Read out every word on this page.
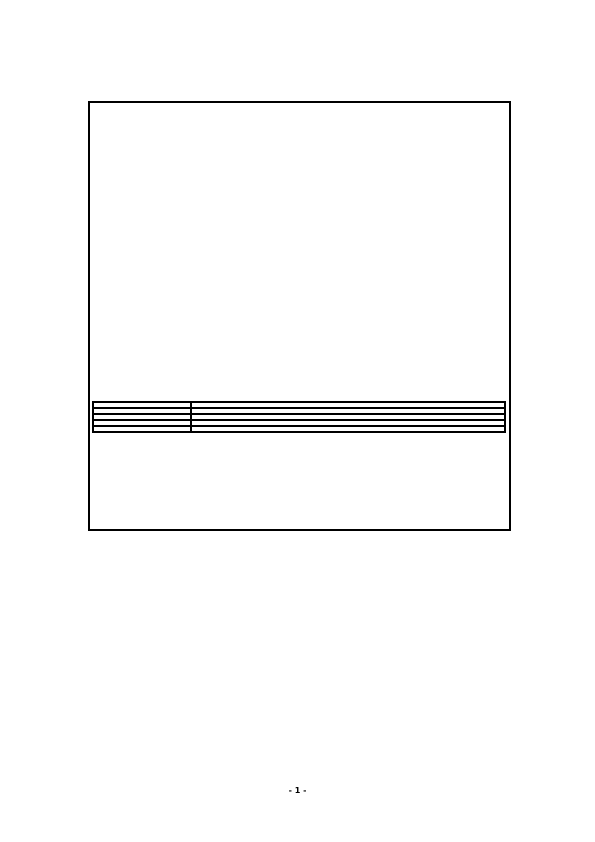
- 1 -
